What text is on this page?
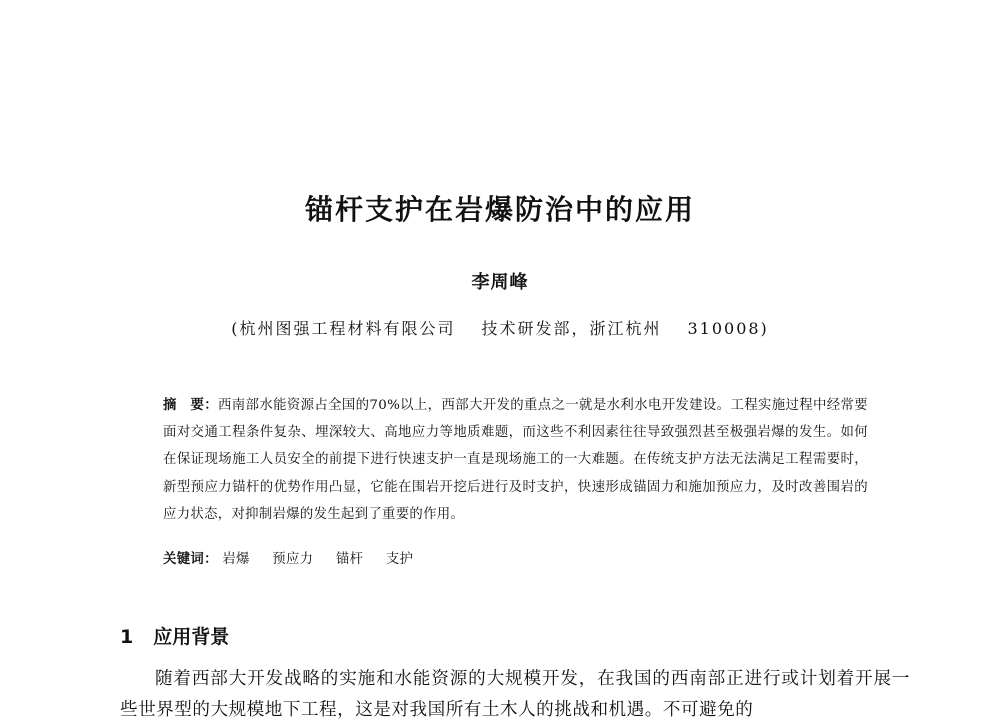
锚杆支护在岩爆防治中的应用
李周峰
(杭州图强工程材料有限公司 技术研发部，浙江杭州 310008)
摘　要：西南部水能资源占全国的70%以上，西部大开发的重点之一就是水利水电开发建设。工程实施过程中经常要面对交通工程条件复杂、埋深较大、高地应力等地质难题，而这些不利因素往往导致强烈甚至极强岩爆的发生。如何在保证现场施工人员安全的前提下进行快速支护一直是现场施工的一大难题。在传统支护方法无法满足工程需要时，新型预应力锚杆的优势作用凸显，它能在围岩开挖后进行及时支护，快速形成锚固力和施加预应力，及时改善围岩的应力状态，对抑制岩爆的发生起到了重要的作用。
关键词： 岩爆 预应力 锚杆 支护
1 应用背景
随着西部大开发战略的实施和水能资源的大规模开发，在我国的西南部正进行或计划着开展一些世界型的大规模地下工程，这是对我国所有土木人的挑战和机遇。不可避免的
